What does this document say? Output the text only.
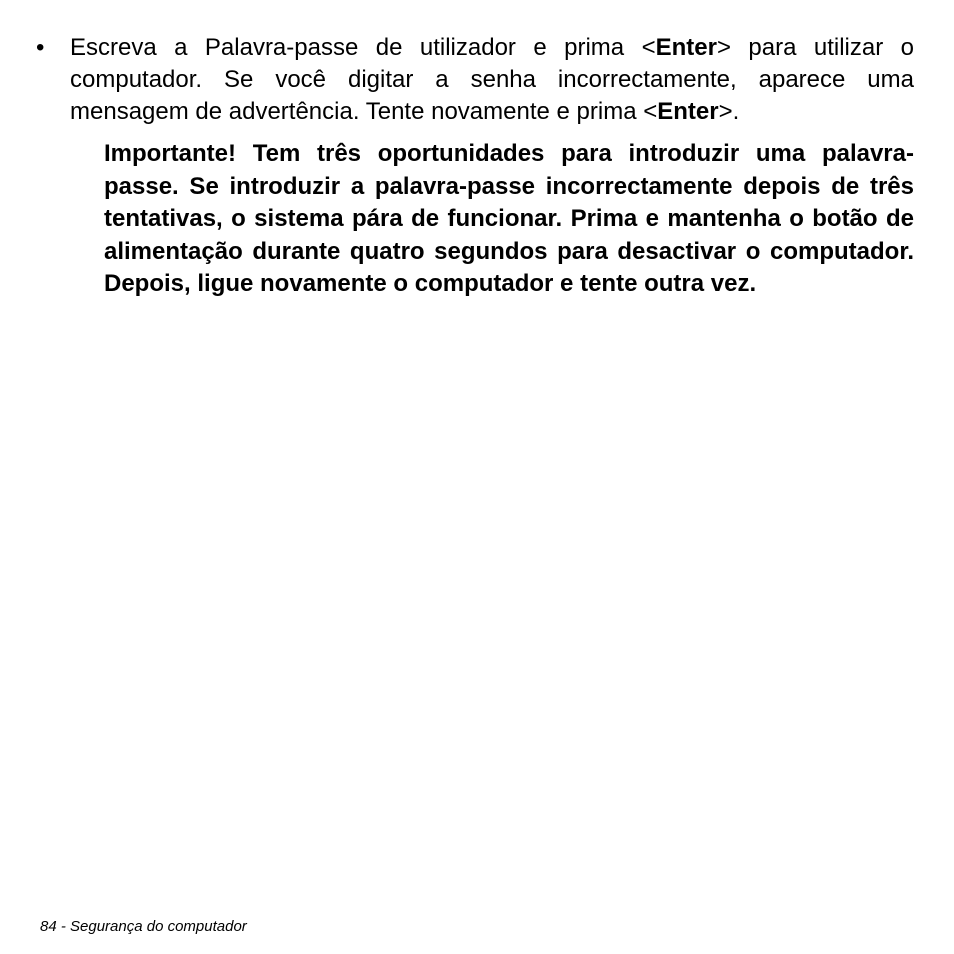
•	Escreva a Palavra-passe de utilizador e prima <Enter> para utilizar o computador. Se você digitar a senha incorrectamente, aparece uma mensagem de advertência. Tente novamente e prima <Enter>.
Importante! Tem três oportunidades para introduzir uma palavra-passe. Se introduzir a palavra-passe incorrectamente depois de três tentativas, o sistema pára de funcionar. Prima e mantenha o botão de alimentação durante quatro segundos para desactivar o computador. Depois, ligue novamente o computador e tente outra vez.
84 - Segurança do computador
